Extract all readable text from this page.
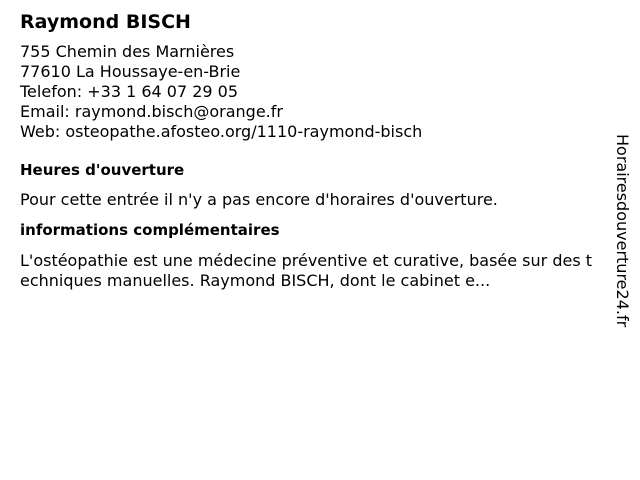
Raymond BISCH
755 Chemin des Marnières
77610 La Houssaye-en-Brie
Telefon: +33 1 64 07 29 05
Email: raymond.bisch@orange.fr
Web: osteopathe.afosteo.org/1110-raymond-bisch
Heures d'ouverture
Pour cette entrée il n'y a pas encore d'horaires d'ouverture.
informations complémentaires
L'ostéopathie est une médecine préventive et curative, basée sur des techniques manuelles. Raymond BISCH, dont le cabinet e...	Horairesdouverture24.fr
